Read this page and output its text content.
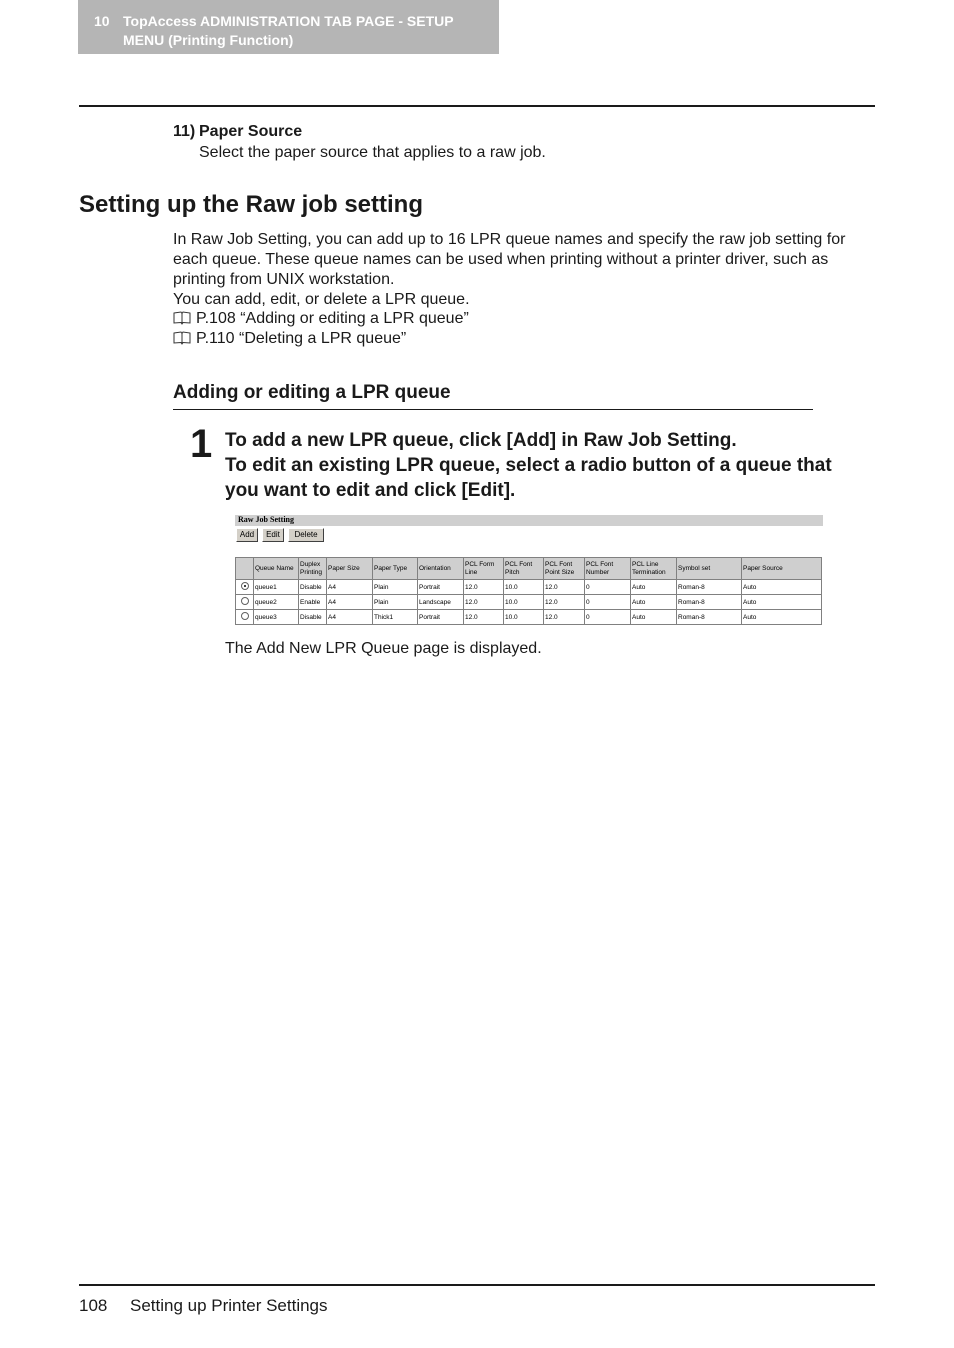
10 TopAccess ADMINISTRATION TAB PAGE - SETUP
MENU (Printing Function)
11) Paper Source
Select the paper source that applies to a raw job.
Setting up the Raw job setting

In Raw Job Setting, you can add up to 16 LPR queue names and specify the raw job setting for each queue. These queue names can be used when printing without a printer driver, such as printing from UNIX workstation.

You can add, edit, or delete a LPR queue.

P.108 “Adding or editing a LPR queue”
P.110 “Deleting a LPR queue”
Adding or editing a LPR queue
1 To add a new LPR queue, click [Add] in Raw Job Setting.
To edit an existing LPR queue, select a radio button of a queue that
you want to edit and click [Edit].
Raw Job Setting
Add	Edit	Delete
	Queue Name	Duplex Printing	Paper Size	Paper Type	Orientation	PCL Form Line	PCL Font Pitch	PCL Font Point Size	PCL Font Number	PCL Line Termination	Symbol set	Paper Source
	queue1	Disable	A4	Plain	Portrait	12.0	10.0	12.0	0	Auto	Roman-8	Auto
	queue2	Enable	A4	Plain	Landscape	12.0	10.0	12.0	0	Auto	Roman-8	Auto
	queue3	Disable	A4	Thick1	Portrait	12.0	10.0	12.0	0	Auto	Roman-8	Auto
The Add New LPR Queue page is displayed.
108 Setting up Printer Settings
